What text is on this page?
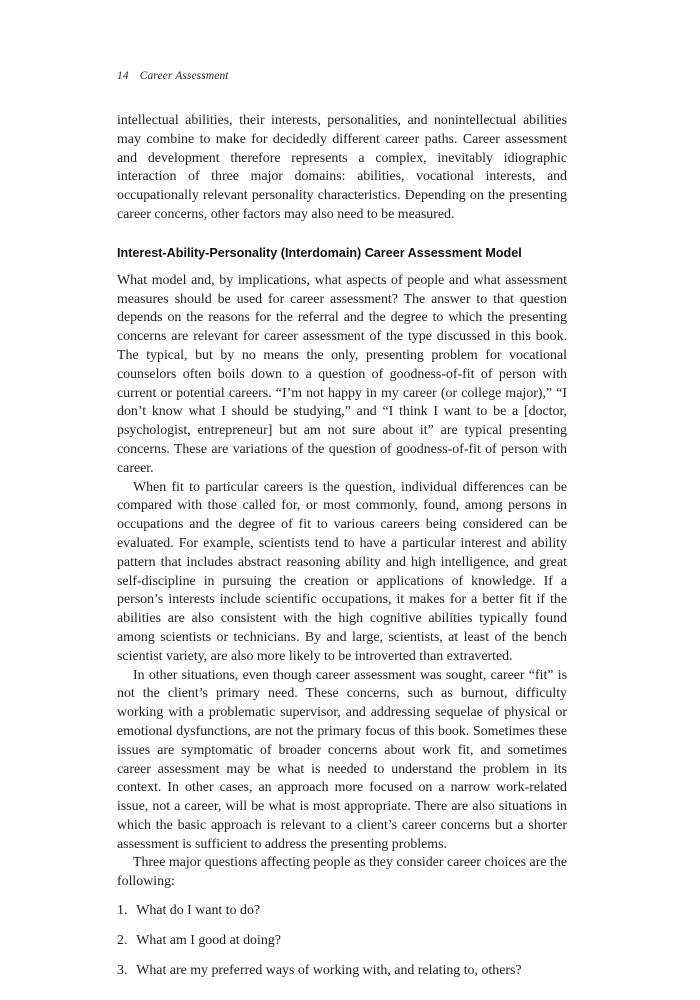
14 Career Assessment

intellectual abilities, their interests, personalities, and nonintellectual abilities may combine to make for decidedly different career paths. Career assessment and development therefore represents a complex, inevitably idiographic interaction of three major domains: abilities, vocational interests, and occupationally relevant personality characteristics. Depending on the presenting career concerns, other factors may also need to be measured.

Interest-Ability-Personality (Interdomain) Career Assessment Model

What model and, by implications, what aspects of people and what assessment measures should be used for career assessment? The answer to that question depends on the reasons for the referral and the degree to which the presenting concerns are relevant for career assessment of the type discussed in this book. The typical, but by no means the only, presenting problem for vocational counselors often boils down to a question of goodness-of-fit of person with current or potential careers. “I’m not happy in my career (or college major),” “I don’t know what I should be studying,” and “I think I want to be a [doctor, psychologist, entrepreneur] but am not sure about it” are typical presenting concerns. These are variations of the question of goodness-of-fit of person with career.

When fit to particular careers is the question, individual differences can be compared with those called for, or most commonly, found, among persons in occupations and the degree of fit to various careers being considered can be evaluated. For example, scientists tend to have a particular interest and ability pattern that includes abstract reasoning ability and high intelligence, and great self-discipline in pursuing the creation or applications of knowledge. If a person’s interests include scientific occupations, it makes for a better fit if the abilities are also consistent with the high cognitive abilities typically found among scientists or technicians. By and large, scientists, at least of the bench scientist variety, are also more likely to be introverted than extraverted.

In other situations, even though career assessment was sought, career “fit” is not the client’s primary need. These concerns, such as burnout, difficulty working with a problematic supervisor, and addressing sequelae of physical or emotional dysfunctions, are not the primary focus of this book. Sometimes these issues are symptomatic of broader concerns about work fit, and sometimes career assessment may be what is needed to understand the problem in its context. In other cases, an approach more focused on a narrow work-related issue, not a career, will be what is most appropriate. There are also situations in which the basic approach is relevant to a client’s career concerns but a shorter assessment is sufficient to address the presenting problems.

Three major questions affecting people as they consider career choices are the following:

1. What do I want to do?
2. What am I good at doing?
3. What are my preferred ways of working with, and relating to, others?
